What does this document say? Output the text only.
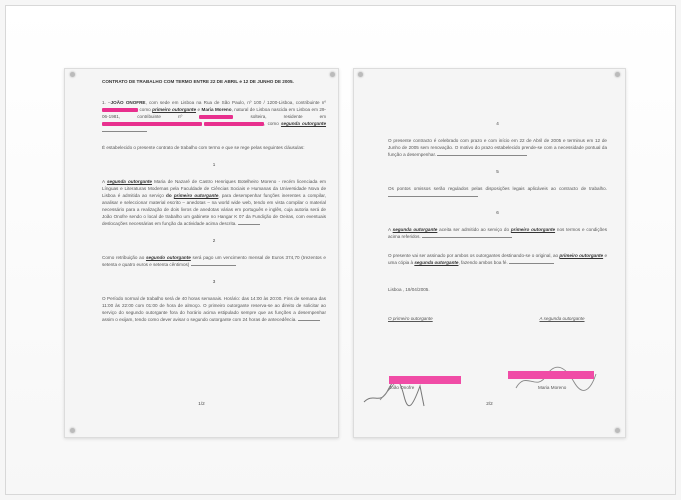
CONTRATO DE TRABALHO COM TERMO ENTRE 22 DE ABRIL e 12 DE JUNHO DE 2005.
1. –JOÃO ONOFRE, com sede em Lisboa na Rua de São Paulo, nº 100 / 1200-Lisboa, contribuinte nº  como primeiro outorgante e Maria Moreno, natural de Lisboa nascida em Lisboa em 29-06-1981, contribuinte nº	solteira, residente em  , como segunda outorgante
É estabelecido o presente contrato de trabalho com termo e que se rege pelas seguintes cláusulas:
1
A segunda outorgante Maria de Nazaré de Castro Henriques Botelheiro Moreno - recém licenciada em Línguas e Literaturas Modernas pela Faculdade de Ciências Sociais e Humanas da Universidade Nova de Lisboa é admitida ao serviço do primeiro outorgante, para desempenhar funções inerentes a compilar, analisar e seleccionar material escrito – anedotas – na world wide web, tendo em vista compilar o material necessário para a realização de dois livros de anedotas várias em português e inglês, cuja autoria será de João Onofre sendo o local de trabalho um gabinete no Hangar K 07 da Fundição de Oeiras, com eventuais deslocações necessárias em função da actividade acima descrita.
2
Como retribuição ao segundo outorgante será pago um vencimento mensal de Euros 374,70 (trezentos e setenta e quatro euros e setenta cêntimos)
3
O Período normal de trabalho será de 40 horas semanais. Horário: das 14:00 às 20:00. Fins de semana das 11:00 às 22:00 com 01:00 de hora de almoço. O primeiro outorgante reserva-se ao direito de solicitar ao serviço do segundo outorgante fora do horário acima estipulado sempre que as funções a desempenhar assim o exijam, tendo como dever avisar o segundo outorgante com 24 horas de antecedência.
1/2
4
O presente contracto é celebrado com prazo e com início em 22 de Abril de 2005 e terminus em 12 de Junho de 2005 sem renovação. O motivo do prazo estabelecido prende-se com a necessidade pontual da função a desempenhar.
5
Os pontos omissos serão regulados pelas disposições legais aplicáveis ao contracto de trabalho.
6
A segunda outorgante aceita ser admitido ao serviço do primeiro outorgante nos termos e condições acima referidos.
O presente vai ser assinado por ambos os outorgantes destinando-se o original, ao primeiro outorgante e uma cópia à segunda outorgante, fazendo ambos boa fé.
Lisboa , 19/04/2005.
O primeiro outorgante	A segunda outorgante
2/2
João Onofre	Maria Moreno
